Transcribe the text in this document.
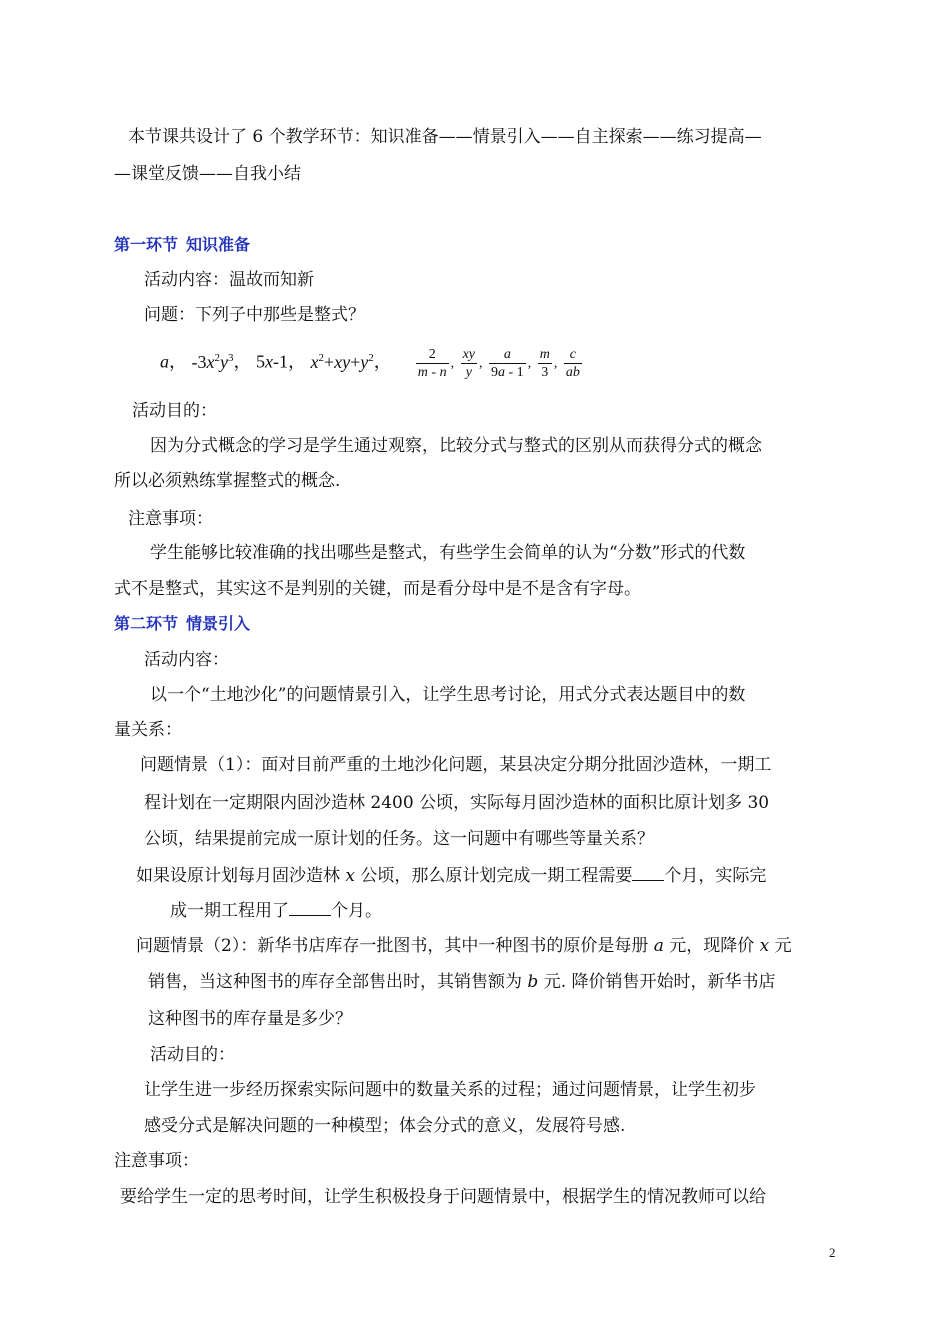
本节课共设计了 6 个教学环节：知识准备——情景引入——自主探索——练习提高—
—课堂反馈——自我小结
第一环节 知识准备
活动内容：温故而知新
问题：下列子中那些是整式？
a， $-3x^2y^3$， 5x-1， $x^2+xy+y^2$， $\frac{2}{m - n}$ , $\frac{xy}{y}$ , $\frac{a}{9a - 1}$ , $\frac{m}{3}$ , $\frac{c}{ab}$
活动目的：
因为分式概念的学习是学生通过观察，比较分式与整式的区别从而获得分式的概念
所以必须熟练掌握整式的概念.
注意事项：
学生能够比较准确的找出哪些是整式，有些学生会简单的认为“分数”形式的代数
式不是整式，其实这不是判别的关键，而是看分母中是不是含有字母。
第二环节 情景引入
活动内容：
以一个“土地沙化”的问题情景引入，让学生思考讨论，用式分式表达题目中的数
量关系：
问题情景（1）：面对目前严重的土地沙化问题，某县决定分期分批固沙造林，一期工
程计划在一定期限内固沙造林 2400 公顷，实际每月固沙造林的面积比原计划多 30
公顷，结果提前完成一原计划的任务。这一问题中有哪些等量关系？
如果设原计划每月固沙造林 x 公顷，那么原计划完成一期工程需要 个月，实际完
成一期工程用了 个月。
问题情景（2）：新华书店库存一批图书，其中一种图书的原价是每册 a 元，现降价 x 元
销售，当这种图书的库存全部售出时，其销售额为 b 元. 降价销售开始时，新华书店
这种图书的库存量是多少？
活动目的：
让学生进一步经历探索实际问题中的数量关系的过程；通过问题情景，让学生初步
感受分式是解决问题的一种模型；体会分式的意义，发展符号感.
注意事项：
要给学生一定的思考时间，让学生积极投身于问题情景中，根据学生的情况教师可以给
2
